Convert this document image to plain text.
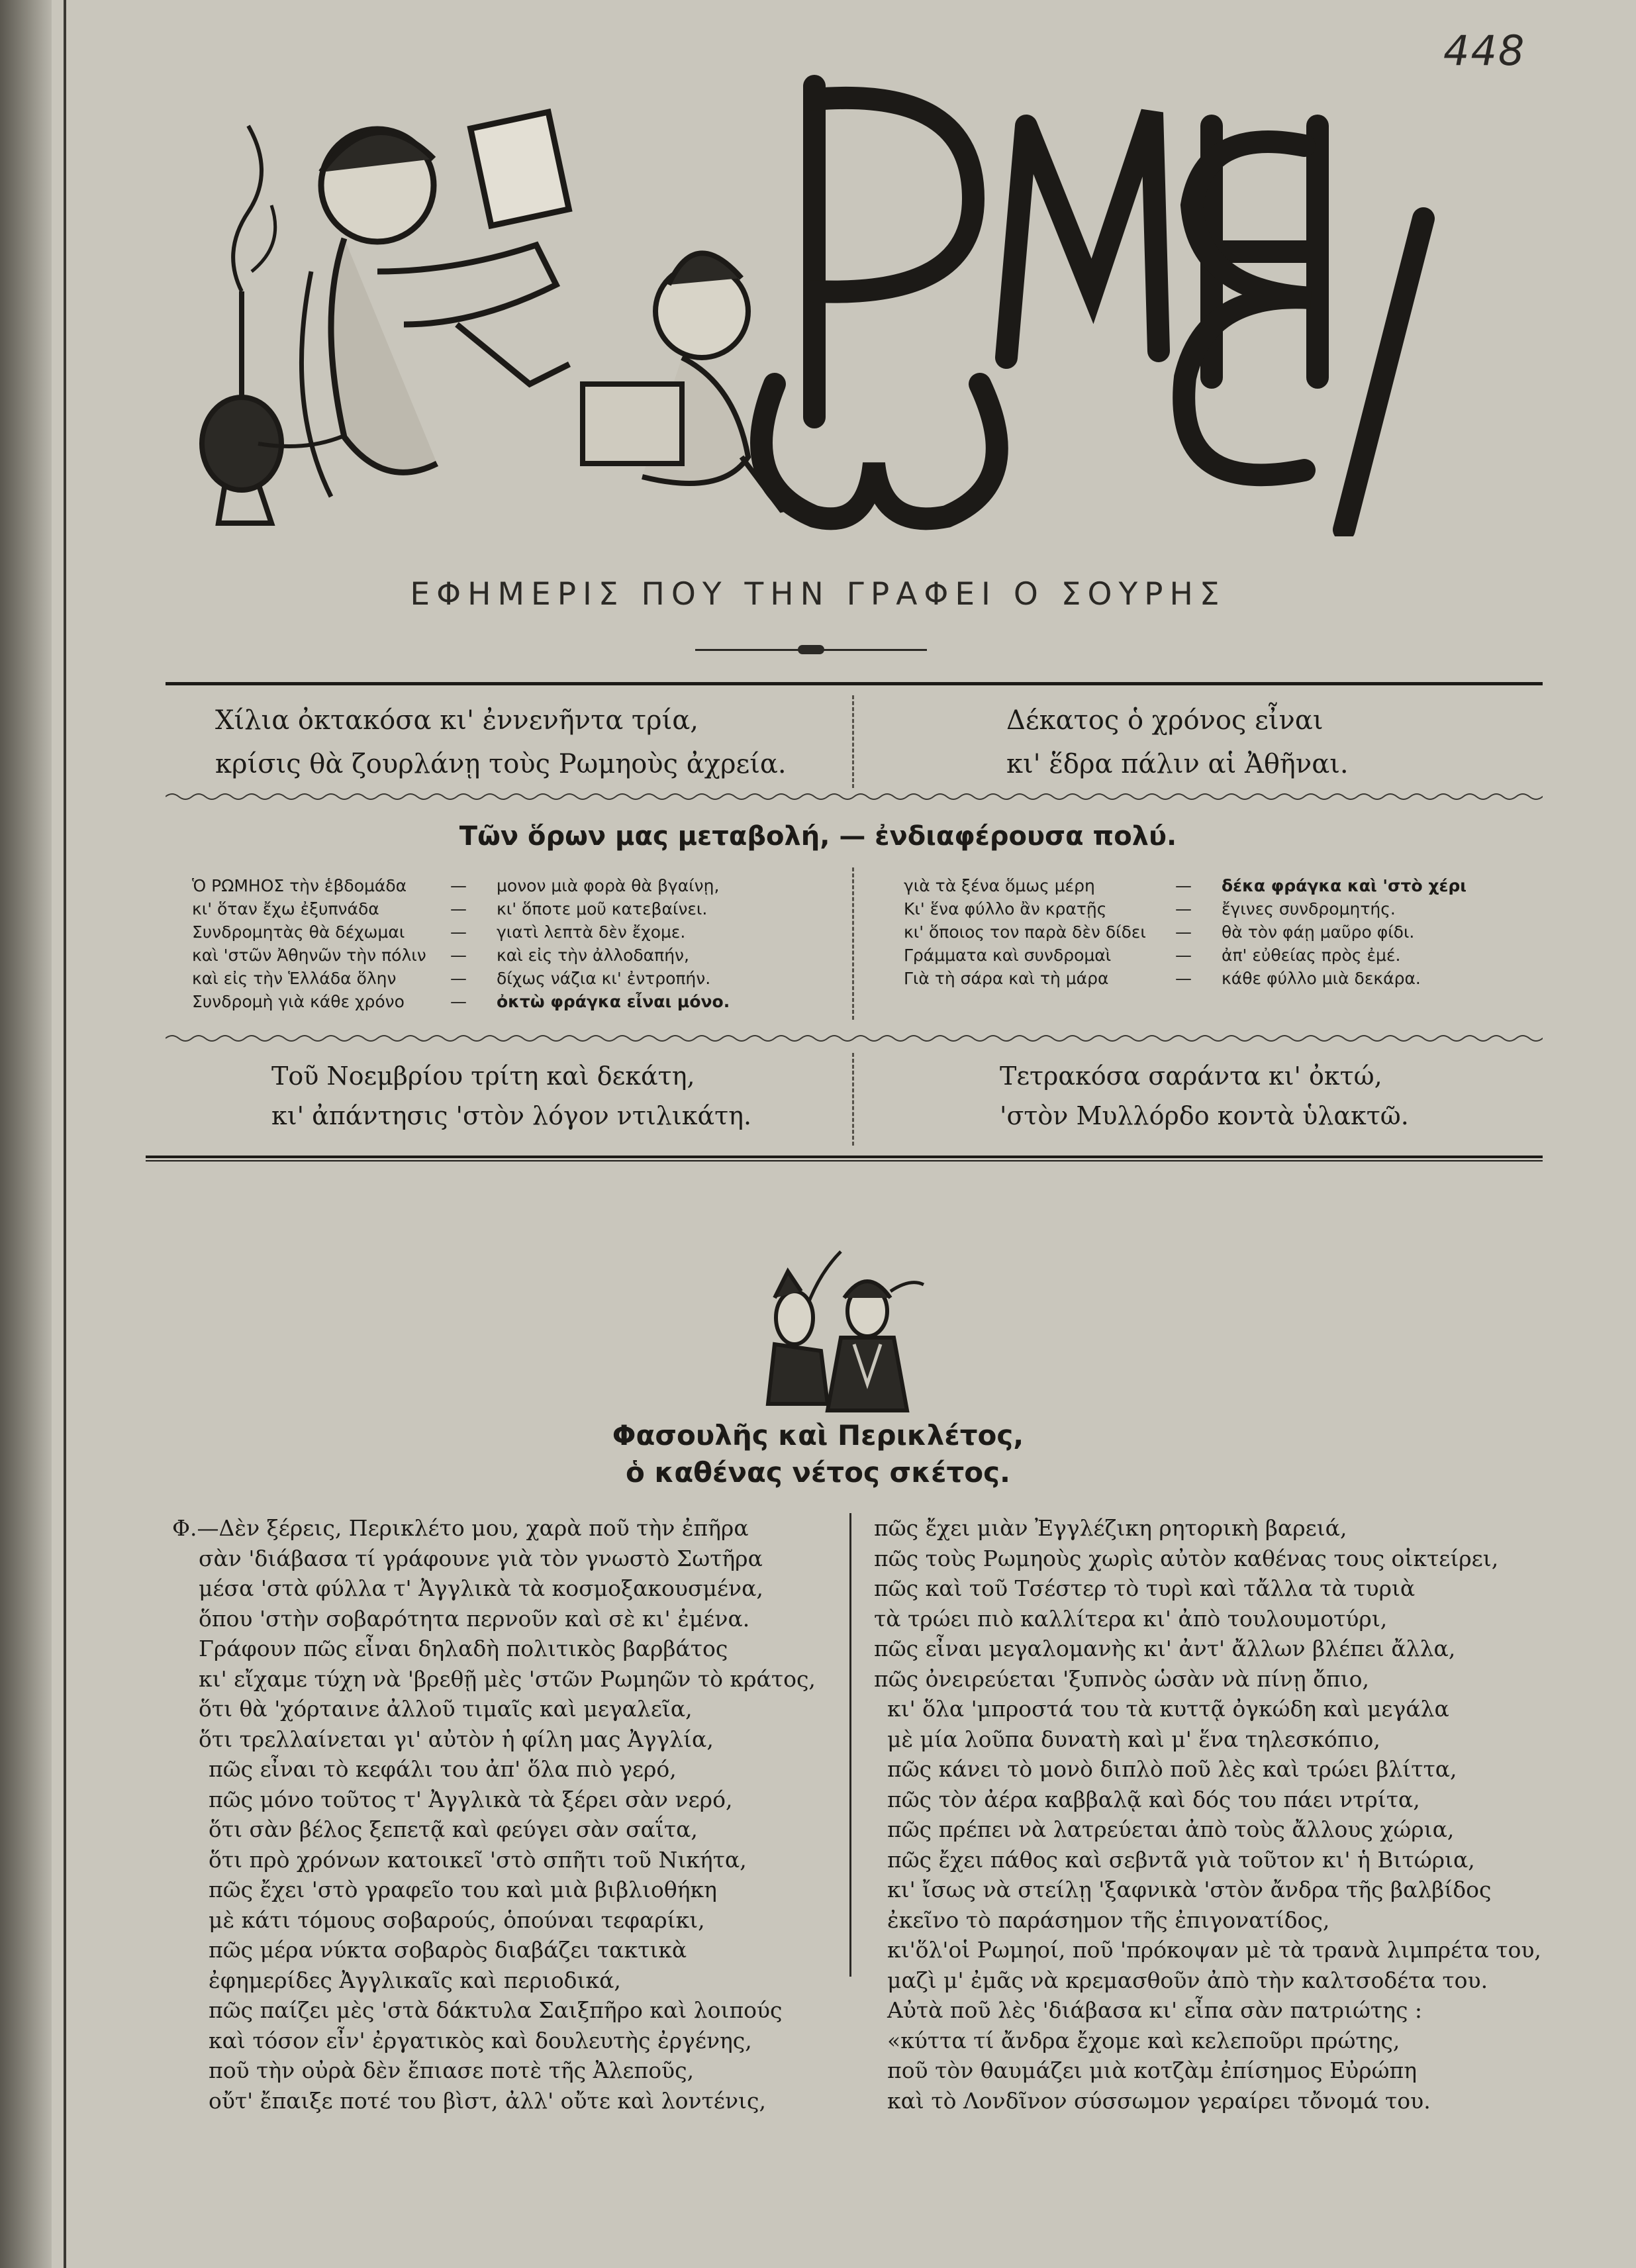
448
ΕΦΗΜΕΡΙΣ ΠΟΥ ΤΗΝ ΓΡΑΦΕΙ Ο ΣΟΥΡΗΣ
Χίλια ὀκτακόσα κι' ἐννενῆντα τρία,
κρίσις θὰ ζουρλάνῃ τοὺς Ρωμηοὺς ἀχρεία.
Δέκατος ὁ χρόνος εἶναι
κι' ἕδρα πάλιν αἱ Ἀθῆναι.
Τῶν ὅρων μας μεταβολή, — ἐνδιαφέρουσα πολύ.
Ὁ ΡΩΜΗΟΣ τὴν ἑβδομάδα	—	μονον μιὰ φορὰ θὰ βγαίνῃ,
κι' ὅταν ἔχω ἐξυπνάδα	—	κι' ὅποτε μοῦ κατεβαίνει.
Συνδρομητὰς θὰ δέχωμαι	—	γιατὶ λεπτὰ δὲν ἔχομε.
καὶ 'στῶν Ἀθηνῶν τὴν πόλιν	—	καὶ εἰς τὴν ἀλλοδαπήν,
καὶ εἰς τὴν Ἑλλάδα ὅλην	—	δίχως νάζια κι' ἐντροπήν.
Συνδρομὴ γιὰ κάθε χρόνο	—	ὀκτὼ φράγκα εἶναι μόνο.
γιὰ τὰ ξένα ὅμως μέρη	—	δέκα φράγκα καὶ 'στὸ χέρι
Κι' ἕνα φύλλο ἂν κρατῇς	—	ἔγινες συνδρομητής.
κι' ὅποιος τον παρὰ δὲν δίδει	—	θὰ τὸν φάῃ μαῦρο φίδι.
Γράμματα καὶ συνδρομαὶ	—	ἀπ' εὐθείας πρὸς ἐμέ.
Γιὰ τὴ σάρα καὶ τὴ μάρα	—	κάθε φύλλο μιὰ δεκάρα.
Τοῦ Νοεμβρίου τρίτη καὶ δεκάτη,
κι' ἀπάντησις 'στὸν λόγον ντιλικάτη.
Τετρακόσα σαράντα κι' ὀκτώ,
'στὸν Μυλλόρδο κοντὰ ὑλακτῶ.
Φασουλῆς καὶ Περικλέτος,
ὁ καθένας νέτος σκέτος.
Φ.—Δὲν ξέρεις, Περικλέτο μου, χαρὰ ποῦ τὴν ἐπῆρα
σὰν 'διάβασα τί γράφουνε γιὰ τὸν γνωστὸ Σωτῆρα
μέσα 'στὰ φύλλα τ' Ἀγγλικὰ τὰ κοσμοξακουσμένα,
ὅπου 'στὴν σοβαρότητα περνοῦν καὶ σὲ κι' ἐμένα.
Γράφουν πῶς εἶναι δηλαδὴ πολιτικὸς βαρβάτος
κι' εἴχαμε τύχη νὰ 'βρεθῇ μὲς 'στῶν Ρωμηῶν τὸ κράτος,
ὅτι θὰ 'χόρταινε ἀλλοῦ τιμαῖς καὶ μεγαλεῖα,
ὅτι τρελλαίνεται γι' αὐτὸν ἡ φίλη μας Ἀγγλία,
πῶς εἶναι τὸ κεφάλι του ἀπ' ὅλα πιὸ γερό,
πῶς μόνο τοῦτος τ' Ἀγγλικὰ τὰ ξέρει σὰν νερό,
ὅτι σὰν βέλος ξεπετᾷ καὶ φεύγει σὰν σαΐτα,
ὅτι πρὸ χρόνων κατοικεῖ 'στὸ σπῆτι τοῦ Νικήτα,
πῶς ἔχει 'στὸ γραφεῖο του καὶ μιὰ βιβλιοθήκη
μὲ κάτι τόμους σοβαρούς, ὁπούναι τεφαρίκι,
πῶς μέρα νύκτα σοβαρὸς διαβάζει τακτικὰ
ἐφημερίδες Ἀγγλικαῖς καὶ περιοδικά,
πῶς παίζει μὲς 'στὰ δάκτυλα Σαιξπῆρο καὶ λοιπούς
καὶ τόσον εἶν' ἐργατικὸς καὶ δουλευτὴς ἐργένης,
ποῦ τὴν οὐρὰ δὲν ἔπιασε ποτὲ τῆς Ἀλεποῦς,
οὔτ' ἔπαιξε ποτέ του βὶστ, ἀλλ' οὔτε καὶ λοντένις,
πῶς ἔχει μιὰν Ἐγγλέζικη ρητορικὴ βαρειά,
πῶς τοὺς Ρωμηοὺς χωρὶς αὐτὸν καθένας τους οἰκτείρει,
πῶς καὶ τοῦ Τσέστερ τὸ τυρὶ καὶ τἄλλα τὰ τυριὰ
τὰ τρώει πιὸ καλλίτερα κι' ἀπὸ τουλουμοτύρι,
πῶς εἶναι μεγαλομανὴς κι' ἀντ' ἄλλων βλέπει ἄλλα,
πῶς ὀνειρεύεται 'ξυπνὸς ὡσὰν νὰ πίνῃ ὄπιο,
κι' ὅλα 'μπροστά του τὰ κυττᾷ ὀγκώδη καὶ μεγάλα
μὲ μία λοῦπα δυνατὴ καὶ μ' ἕνα τηλεσκόπιο,
πῶς κάνει τὸ μονὸ διπλὸ ποῦ λὲς καὶ τρώει βλίττα,
πῶς τὸν ἀέρα καββαλᾷ καὶ δός του πάει ντρίτα,
πῶς πρέπει νὰ λατρεύεται ἀπὸ τοὺς ἄλλους χώρια,
πῶς ἔχει πάθος καὶ σεβντᾶ γιὰ τοῦτον κι' ἡ Βιτώρια,
κι' ἴσως νὰ στείλῃ 'ξαφνικὰ 'στὸν ἄνδρα τῆς βαλβίδος
ἐκεῖνο τὸ παράσημον τῆς ἐπιγονατίδος,
κι'ὅλ'οἱ Ρωμηοί, ποῦ 'πρόκοψαν μὲ τὰ τρανὰ λιμπρέτα του,
μαζὶ μ' ἐμᾶς νὰ κρεμασθοῦν ἀπὸ τὴν καλτσοδέτα του.
Αὐτὰ ποῦ λὲς 'διάβασα κι' εἶπα σὰν πατριώτης :
«κύττα τί ἄνδρα ἔχομε καὶ κελεποῦρι πρώτης,
ποῦ τὸν θαυμάζει μιὰ κοτζὰμ ἐπίσημος Εὐρώπη
καὶ τὸ Λονδῖνον σύσσωμον γεραίρει τὄνομά του.
